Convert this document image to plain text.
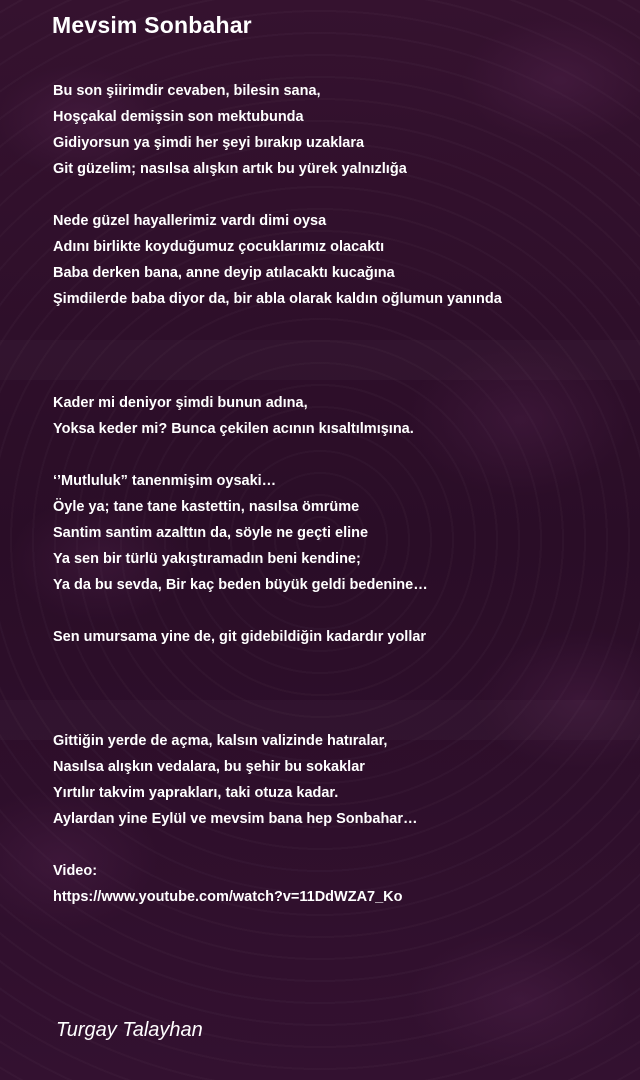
Mevsim Sonbahar
Bu son şiirimdir cevaben, bilesin sana,
Hoşçakal demişsin son mektubunda
Gidiyorsun ya şimdi her şeyi bırakıp uzaklara
Git güzelim; nasılsa alışkın artık bu yürek yalnızlığa
Nede güzel hayallerimiz vardı dimi oysa
Adını birlikte koyduğumuz çocuklarımız olacaktı
Baba derken bana, anne deyip atılacaktı kucağına
Şimdilerde baba diyor da, bir abla olarak kaldın oğlumun yanında
Kader mi deniyor şimdi bunun adına,
Yoksa keder mi? Bunca çekilen acının kısaltılmışına.
‘’Mutluluk” tanenmişim oysaki…
Öyle ya; tane tane kastettin, nasılsa ömrüme
Santim santim azalttın da, söyle ne geçti eline
Ya sen bir türlü yakıştıramadın beni kendine;
Ya da bu sevda, Bir kaç beden büyük geldi bedenine…
Sen umursama yine de, git gidebildiğin kadardır yollar
Gittiğin yerde de açma, kalsın valizinde hatıralar,
Nasılsa alışkın vedalara, bu şehir bu sokaklar
Yırtılır takvim yaprakları, taki otuza kadar.
Aylardan yine Eylül ve mevsim bana hep Sonbahar…
Video:
https://www.youtube.com/watch?v=11DdWZA7_Ko
Turgay Talayhan
